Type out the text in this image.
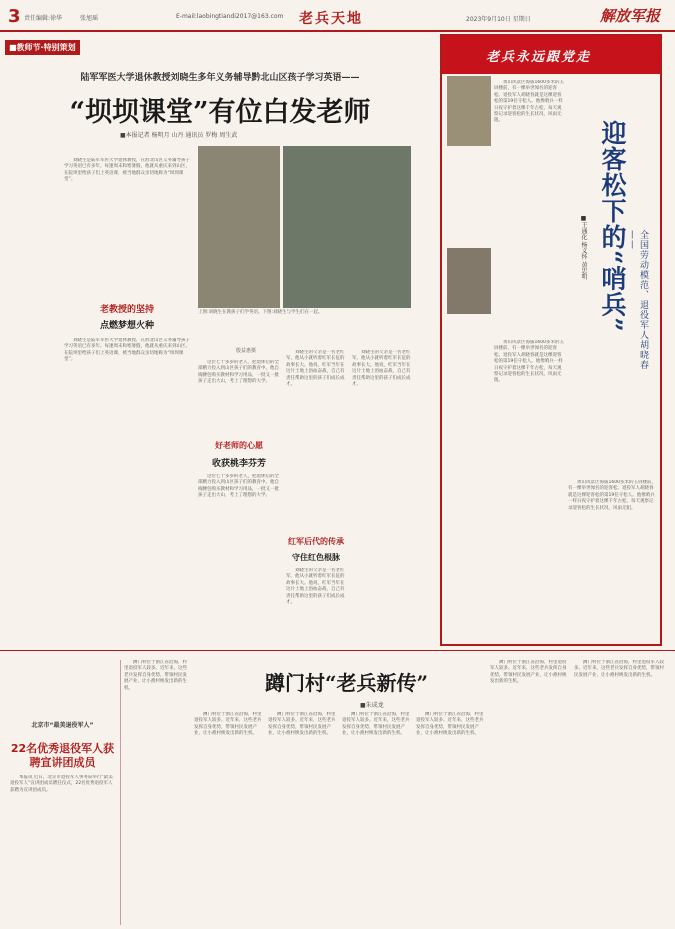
3 责任编辑:徐华	张旭瑶	E-mail:laobingtiandi2017@163.com 老兵天地	2023年9月10日 星期日	解放军报
■教师节·特别策划
陆军军医大学退休教授刘晓生多年义务辅导黔北山区孩子学习英语——
“坝坝课堂”有位白发老师
■本报记者 杨明月 山丹 通讯员 罗梅 周生武

刘晓生是陆军军医大学退休教授，在黔北山区义务辅导孩子学习英语已有多年。每逢周末和寒暑假，他就从重庆来到山区，在院坝里给孩子们上英语课，被当地群众亲切地称为“坝坝课堂”。

老教授的坚持
点燃梦想火种

刘晓生是陆军军医大学退休教授，在黔北山区义务辅导孩子学习英语已有多年。每逢周末和寒暑假，他就从重庆来到山区，在院坝里给孩子们上英语课，被当地群众亲切地称为“坝坝课堂”。

上图:刘晓生在教孩子们学英语。下图:刘晓生与学生们在一起。
殷益惠摄

这位七十多岁的老人，把退休后的全部精力投入到山区孩子们的教育中。他自掏腰包购买教材和学习用品，一批又一批孩子走出大山，考上了理想的大学。

好老师的心愿
收获桃李芬芳

这位七十多岁的老人，把退休后的全部精力投入到山区孩子们的教育中。他自掏腰包购买教材和学习用品，一批又一批孩子走出大山，考上了理想的大学。

刘晓生的父亲是一名老红军，他从小就听着红军长征的故事长大。他说，红军当年在这片土地上浴血奋战，自己有责任帮助这里的孩子们成长成才。

红军后代的传承
守住红色根脉

刘晓生的父亲是一名老红军，他从小就听着红军长征的故事长大。他说，红军当年在这片土地上浴血奋战，自己有责任帮助这里的孩子们成长成才。

刘晓生的父亲是一名老红军，他从小就听着红军长征的故事长大。他说，红军当年在这片土地上浴血奋战，自己有责任帮助这里的孩子们成长成才。

老兵永远跟党走
迎客松下的“哨兵”	全国劳动模范、退役军人胡晓春——
■王通化 杨义怀 黄忠明

黄山风景区海拔1600多米的玉屏楼前，有一棵举世闻名的迎客松。退役军人胡晓春就是这棵迎客松的第19任守松人。他像哨兵一样日夜守护着这棵千年古松，每天观察记录迎客松的生长状况，风雨无阻。

黄山风景区海拔1600多米的玉屏楼前，有一棵举世闻名的迎客松。退役军人胡晓春就是这棵迎客松的第19任守松人。他像哨兵一样日夜守护着这棵千年古松，每天观察记录迎客松的生长状况，风雨无阻。

黄山风景区海拔1600多米的玉屏楼前，有一棵举世闻名的迎客松。退役军人胡晓春就是这棵迎客松的第19任守松人。他像哨兵一样日夜守护着这棵千年古松，每天观察记录迎客松的生长状况，风雨无阻。

北京市“最美退役军人”
22名优秀退役军人获聘宣讲团成员

本报讯 近日，北京市退役军人事务局举行“最美退役军人”宣讲团成员聘任仪式，22名优秀退役军人获聘为宣讲团成员。

蹲门村“老兵新传”
■朱成龙

蹲门村位于浙江省沿海，村里退役军人较多。近年来，这些老兵发挥自身优势，带领村民发展产业，让小渔村焕发出新的生机。

蹲门村位于浙江省沿海，村里退役军人较多。近年来，这些老兵发挥自身优势，带领村民发展产业，让小渔村焕发出新的生机。

蹲门村位于浙江省沿海，村里退役军人较多。近年来，这些老兵发挥自身优势，带领村民发展产业，让小渔村焕发出新的生机。

蹲门村位于浙江省沿海，村里退役军人较多。近年来，这些老兵发挥自身优势，带领村民发展产业，让小渔村焕发出新的生机。

蹲门村位于浙江省沿海，村里退役军人较多。近年来，这些老兵发挥自身优势，带领村民发展产业，让小渔村焕发出新的生机。

蹲门村位于浙江省沿海，村里退役军人较多。近年来，这些老兵发挥自身优势，带领村民发展产业，让小渔村焕发出新的生机。

蹲门村位于浙江省沿海，村里退役军人较多。近年来，这些老兵发挥自身优势，带领村民发展产业，让小渔村焕发出新的生机。
